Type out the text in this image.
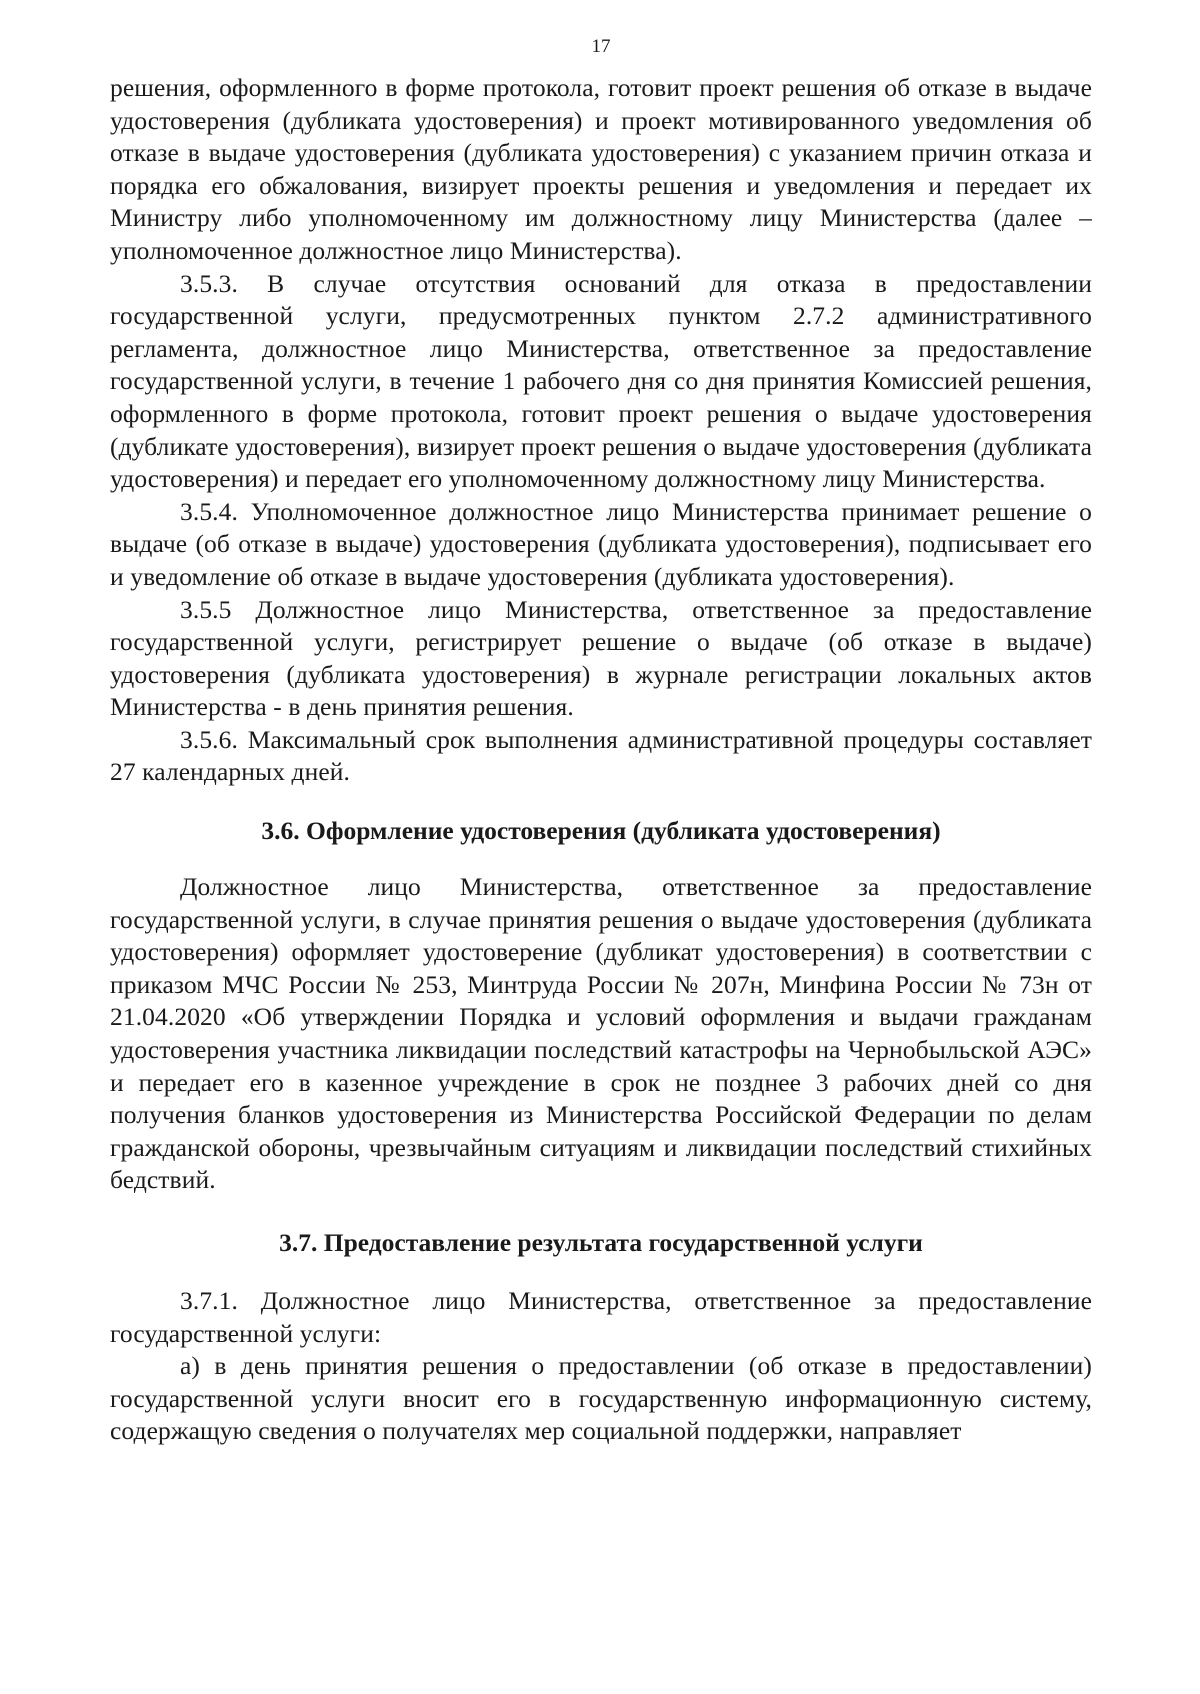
17

решения, оформленного в форме протокола, готовит проект решения об отказе в выдаче удостоверения (дубликата удостоверения) и проект мотивированного уведомления об отказе в выдаче удостоверения (дубликата удостоверения) с указанием причин отказа и порядка его обжалования, визирует проекты решения и уведомления и передает их Министру либо уполномоченному им должностному лицу Министерства (далее – уполномоченное должностное лицо Министерства).

3.5.3. В случае отсутствия оснований для отказа в предоставлении государственной услуги, предусмотренных пунктом 2.7.2 административного регламента, должностное лицо Министерства, ответственное за предоставление государственной услуги, в течение 1 рабочего дня со дня принятия Комиссией решения, оформленного в форме протокола, готовит проект решения о выдаче удостоверения (дубликате удостоверения), визирует проект решения о выдаче удостоверения (дубликата удостоверения) и передает его уполномоченному должностному лицу Министерства.

3.5.4. Уполномоченное должностное лицо Министерства принимает решение о выдаче (об отказе в выдаче) удостоверения (дубликата удостоверения), подписывает его и уведомление об отказе в выдаче удостоверения (дубликата удостоверения).

3.5.5 Должностное лицо Министерства, ответственное за предоставление государственной услуги, регистрирует решение о выдаче (об отказе в выдаче) удостоверения (дубликата удостоверения) в журнале регистрации локальных актов Министерства - в день принятия решения.

3.5.6. Максимальный срок выполнения административной процедуры составляет 27 календарных дней.

3.6. Оформление удостоверения (дубликата удостоверения)

Должностное лицо Министерства, ответственное за предоставление государственной услуги, в случае принятия решения о выдаче удостоверения (дубликата удостоверения) оформляет удостоверение (дубликат удостоверения) в соответствии с приказом МЧС России № 253, Минтруда России № 207н, Минфина России № 73н от 21.04.2020 «Об утверждении Порядка и условий оформления и выдачи гражданам удостоверения участника ликвидации последствий катастрофы на Чернобыльской АЭС» и передает его в казенное учреждение в срок не позднее 3 рабочих дней со дня получения бланков удостоверения из Министерства Российской Федерации по делам гражданской обороны, чрезвычайным ситуациям и ликвидации последствий стихийных бедствий.

3.7. Предоставление результата государственной услуги

3.7.1. Должностное лицо Министерства, ответственное за предоставление государственной услуги:

а) в день принятия решения о предоставлении (об отказе в предоставлении) государственной услуги вносит его в государственную информационную систему, содержащую сведения о получателях мер социальной поддержки, направляет
